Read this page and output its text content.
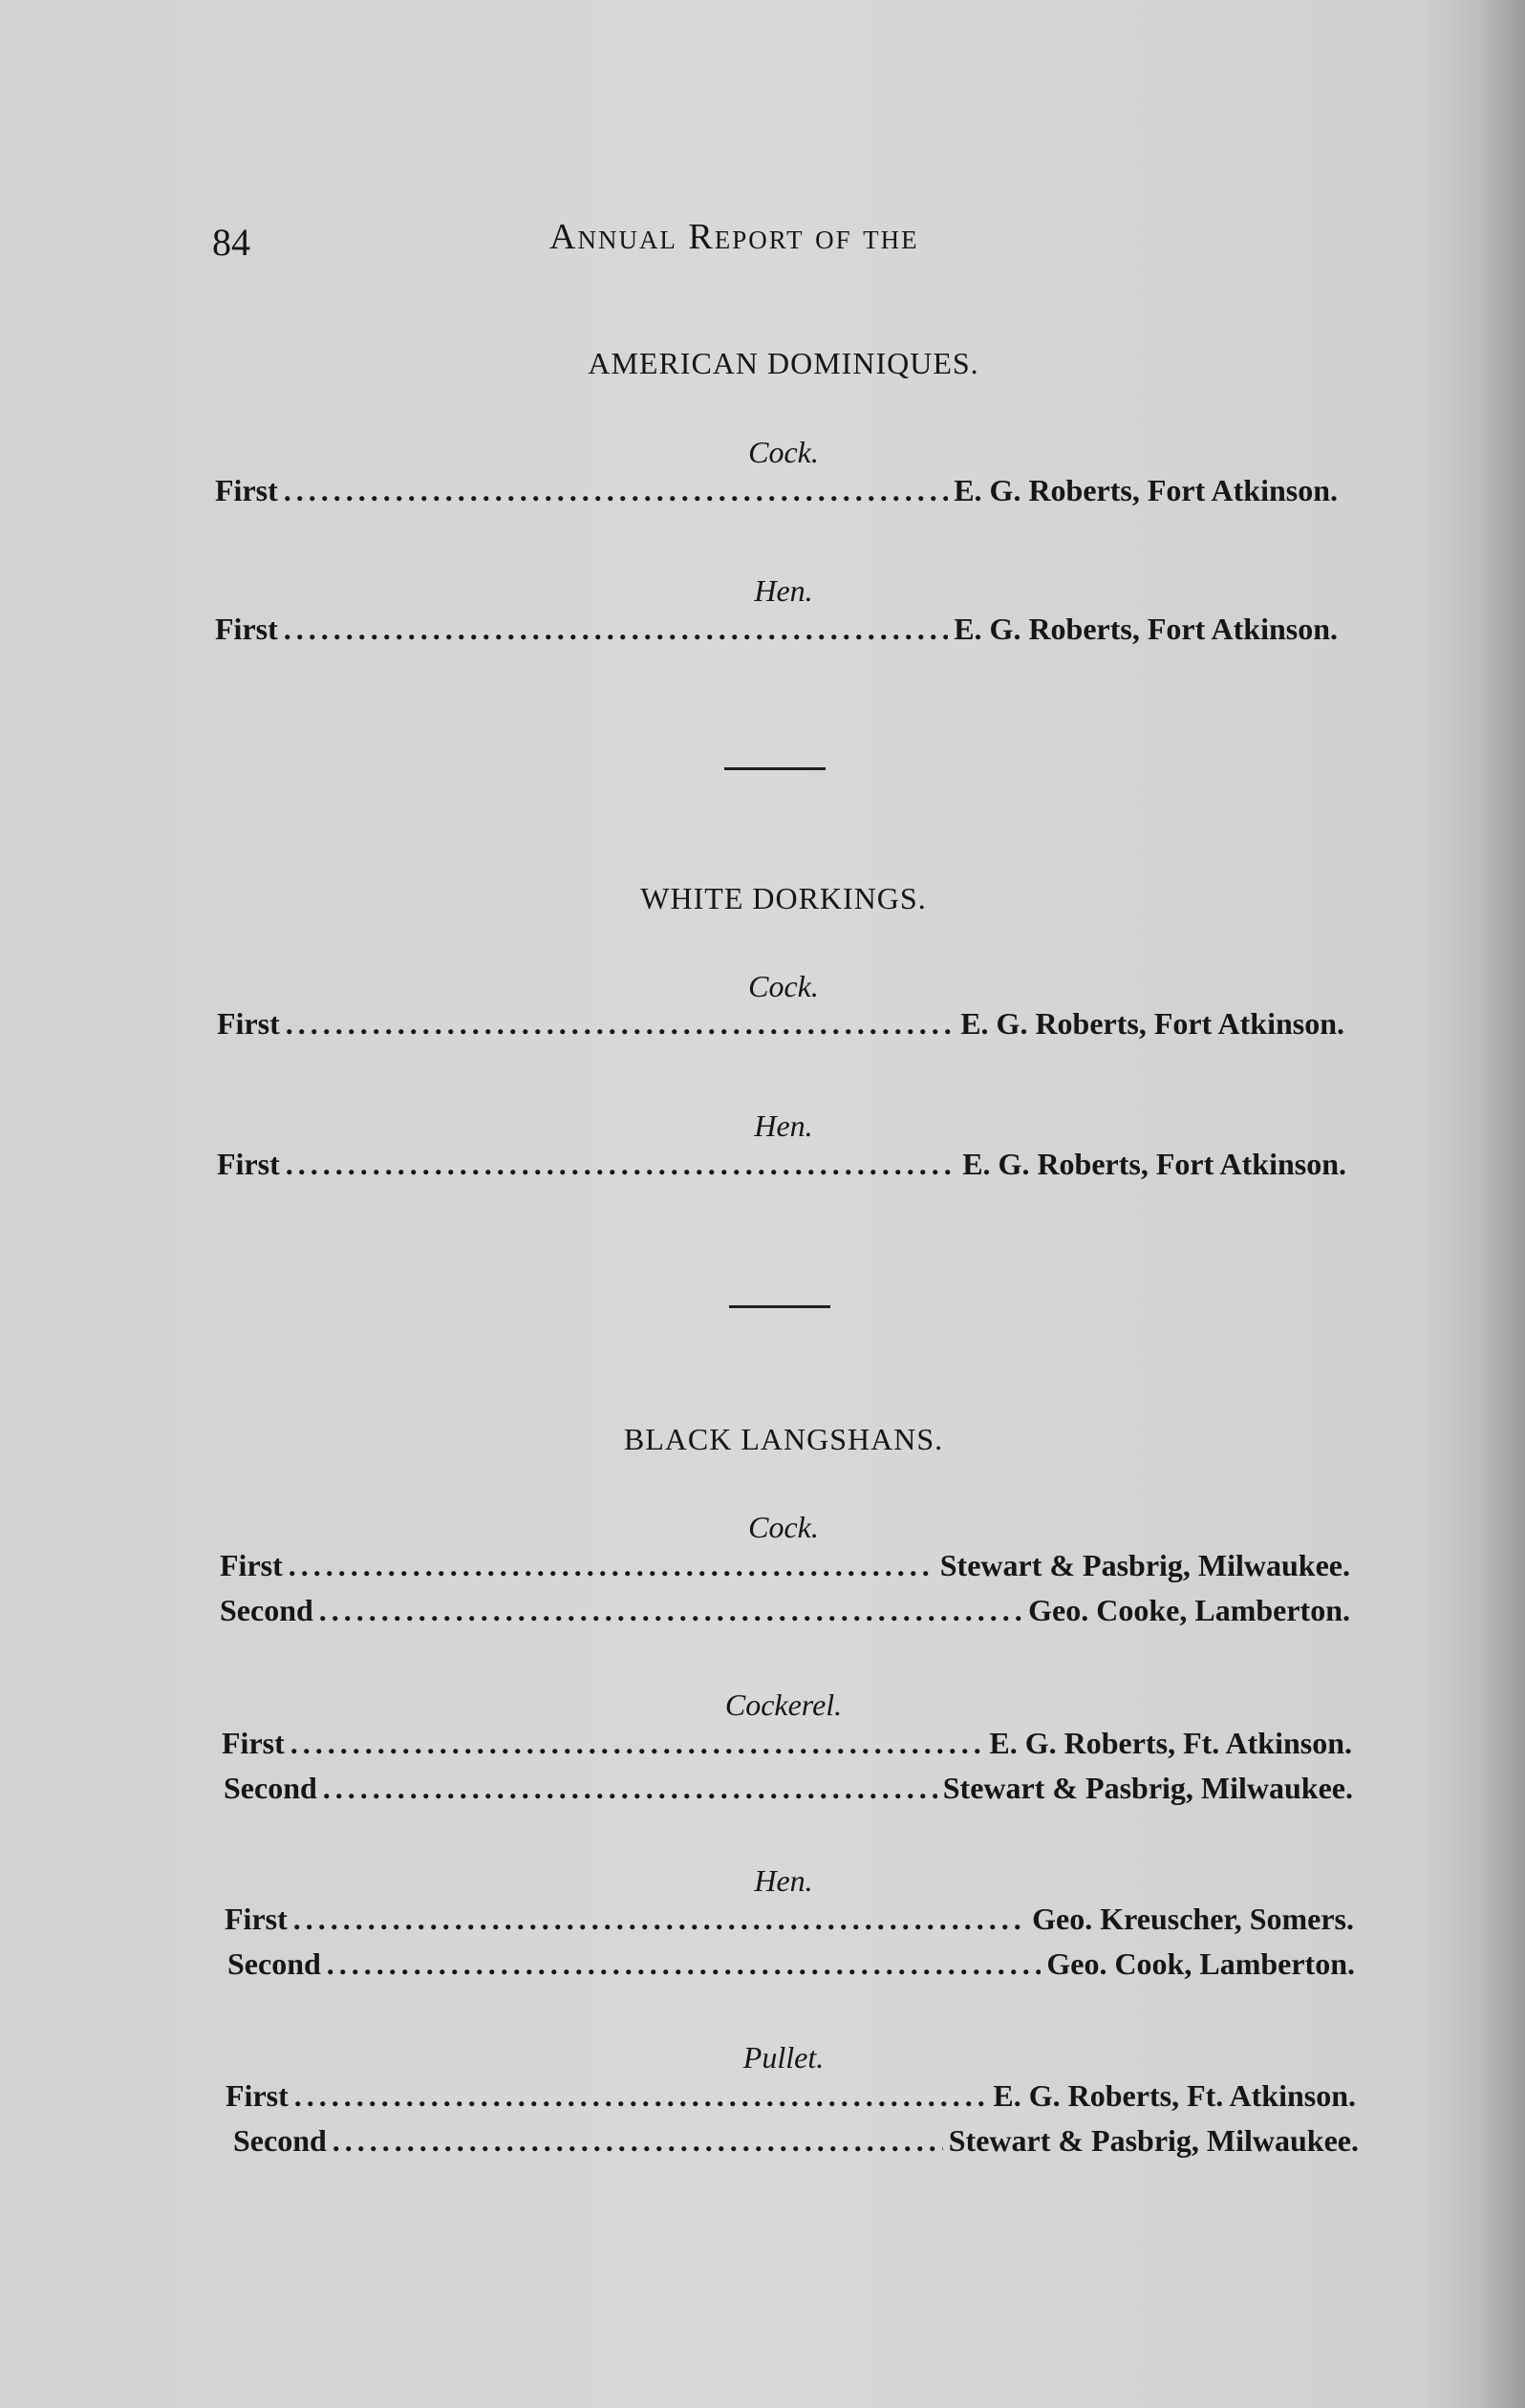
84	Annual Report of the
AMERICAN DOMINIQUES.
Cock.
First .....	E. G. Roberts, Fort Atkinson.
Hen.
First .....	E. G. Roberts, Fort Atkinson.
WHITE DORKINGS.
Cock.
First .....	E. G. Roberts, Fort Atkinson.
Hen.
First .....	E. G. Roberts, Fort Atkinson.
BLACK LANGSHANS.
Cock.
First .....	Stewart & Pasbrig, Milwaukee.
Second .....	Geo. Cooke, Lamberton.
Cockerel.
First .....	E. G. Roberts, Ft. Atkinson.
Second .....	Stewart & Pasbrig, Milwaukee.
Hen.
First .....	Geo. Kreuscher, Somers.
Second .....	Geo. Cook, Lamberton.
Pullet.
First .....	E. G. Roberts, Ft. Atkinson.
Second .....	Stewart & Pasbrig, Milwaukee.
